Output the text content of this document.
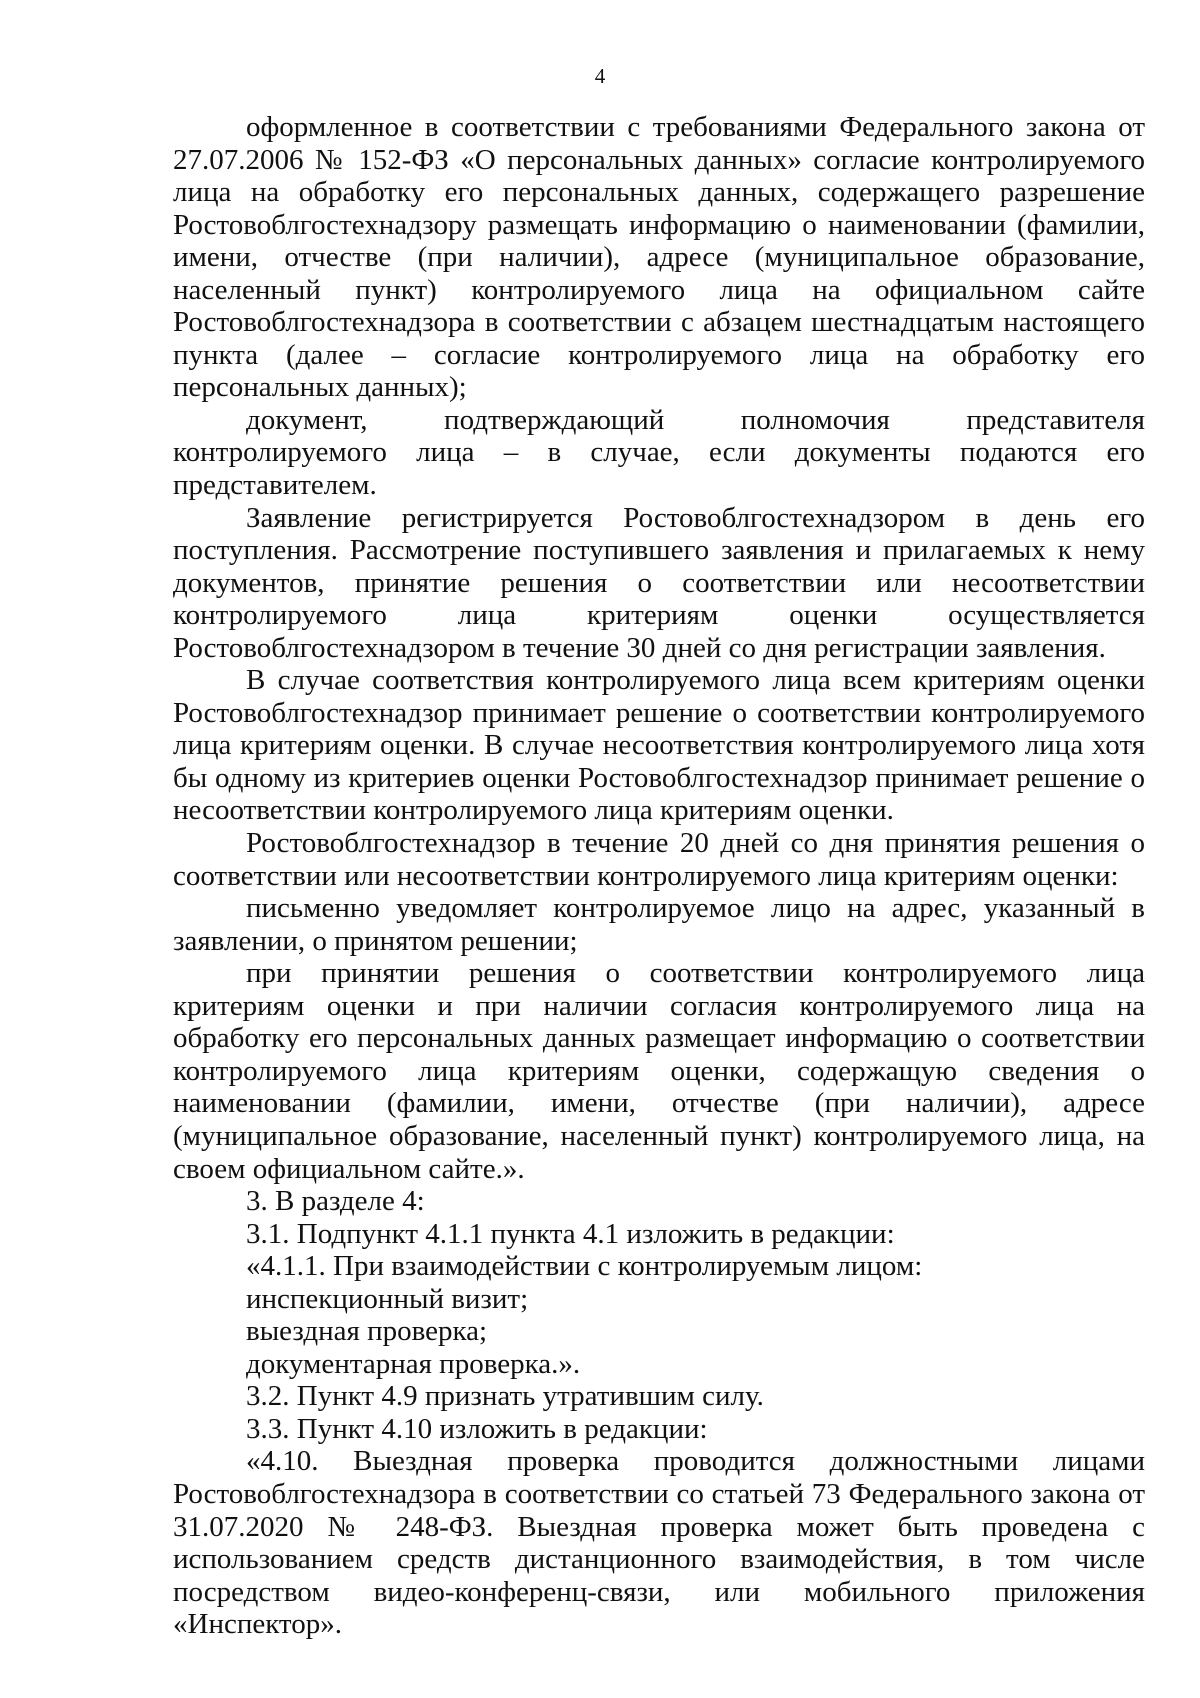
4

оформленное в соответствии с требованиями Федерального закона от 27.07.2006 № 152-ФЗ «О персональных данных» согласие контролируемого лица на обработку его персональных данных, содержащего разрешение Ростовоблгостехнадзору размещать информацию о наименовании (фамилии, имени, отчестве (при наличии), адресе (муниципальное образование, населенный пункт) контролируемого лица на официальном сайте Ростовоблгостехнадзора в соответствии с абзацем шестнадцатым настоящего пункта (далее – согласие контролируемого лица на обработку его персональных данных);

документ, подтверждающий полномочия представителя контролируемого лица – в случае, если документы подаются его представителем.

Заявление регистрируется Ростовоблгостехнадзором в день его поступления. Рассмотрение поступившего заявления и прилагаемых к нему документов, принятие решения о соответствии или несоответствии контролируемого лица критериям оценки осуществляется Ростовоблгостехнадзором в течение 30 дней со дня регистрации заявления.

В случае соответствия контролируемого лица всем критериям оценки Ростовоблгостехнадзор принимает решение о соответствии контролируемого лица критериям оценки. В случае несоответствия контролируемого лица хотя бы одному из критериев оценки Ростовоблгостехнадзор принимает решение о несоответствии контролируемого лица критериям оценки.

Ростовоблгостехнадзор в течение 20 дней со дня принятия решения о соответствии или несоответствии контролируемого лица критериям оценки:

письменно уведомляет контролируемое лицо на адрес, указанный в заявлении, о принятом решении;

при принятии решения о соответствии контролируемого лица критериям оценки и при наличии согласия контролируемого лица на обработку его персональных данных размещает информацию о соответствии контролируемого лица критериям оценки, содержащую сведения о наименовании (фамилии, имени, отчестве (при наличии), адресе (муниципальное образование, населенный пункт) контролируемого лица, на своем официальном сайте.».

3. В разделе 4:

3.1. Подпункт 4.1.1 пункта 4.1 изложить в редакции:

«4.1.1. При взаимодействии с контролируемым лицом:

инспекционный визит;

выездная проверка;

документарная проверка.».

3.2. Пункт 4.9 признать утратившим силу.

3.3. Пункт 4.10 изложить в редакции:

«4.10. Выездная проверка проводится должностными лицами Ростовоблгостехнадзора в соответствии со статьей 73 Федерального закона от 31.07.2020 № 248-ФЗ. Выездная проверка может быть проведена с использованием средств дистанционного взаимодействия, в том числе посредством видео-конференц-связи, или мобильного приложения «Инспектор».
